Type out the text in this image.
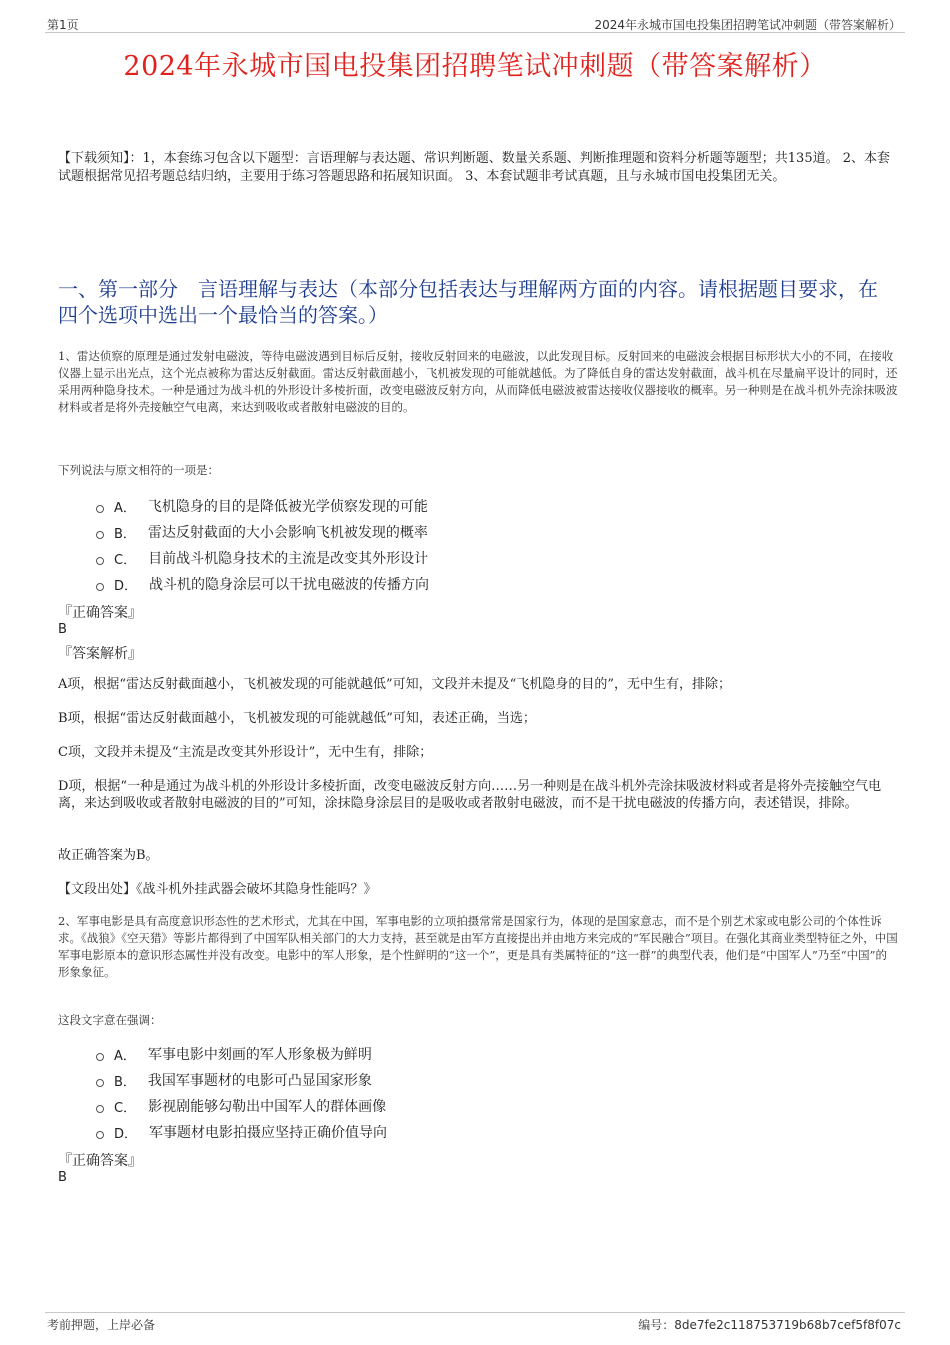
第1页	2024年永城市国电投集团招聘笔试冲刺题（带答案解析）
2024年永城市国电投集团招聘笔试冲刺题（带答案解析）
【下载须知】：1，本套练习包含以下题型：言语理解与表达题、常识判断题、数量关系题、判断推理题和资料分析题等题型；共135道。 2、本套试题根据常见招考题总结归纳，主要用于练习答题思路和拓展知识面。 3、本套试题非考试真题，且与永城市国电投集团无关。
一、第一部分　言语理解与表达（本部分包括表达与理解两方面的内容。请根据题目要求，在四个选项中选出一个最恰当的答案。）
1、雷达侦察的原理是通过发射电磁波，等待电磁波遇到目标后反射，接收反射回来的电磁波，以此发现目标。反射回来的电磁波会根据目标形状大小的不同，在接收仪器上显示出光点，这个光点被称为雷达反射截面。雷达反射截面越小，飞机被发现的可能就越低。为了降低自身的雷达发射截面，战斗机在尽量扁平设计的同时，还采用两种隐身技术。一种是通过为战斗机的外形设计多棱折面，改变电磁波反射方向，从而降低电磁波被雷达接收仪器接收的概率。另一种则是在战斗机外壳涂抹吸波材料或者是将外壳接触空气电离，来达到吸收或者散射电磁波的目的。
下列说法与原文相符的一项是：
A． 飞机隐身的目的是降低被光学侦察发现的可能
B． 雷达反射截面的大小会影响飞机被发现的概率
C． 目前战斗机隐身技术的主流是改变其外形设计
D． 战斗机的隐身涂层可以干扰电磁波的传播方向
『正确答案』
B
『答案解析』
A项，根据“雷达反射截面越小，飞机被发现的可能就越低”可知，文段并未提及“飞机隐身的目的”，无中生有，排除；
B项，根据“雷达反射截面越小，飞机被发现的可能就越低”可知，表述正确，当选；
C项，文段并未提及“主流是改变其外形设计”，无中生有，排除；
D项，根据“一种是通过为战斗机的外形设计多棱折面，改变电磁波反射方向……另一种则是在战斗机外壳涂抹吸波材料或者是将外壳接触空气电离，来达到吸收或者散射电磁波的目的”可知，涂抹隐身涂层目的是吸收或者散射电磁波，而不是干扰电磁波的传播方向，表述错误，排除。
故正确答案为B。
【文段出处】《战斗机外挂武器会破坏其隐身性能吗？》
2、军事电影是具有高度意识形态性的艺术形式，尤其在中国，军事电影的立项拍摄常常是国家行为，体现的是国家意志，而不是个别艺术家或电影公司的个体性诉求。《战狼》《空天猎》等影片都得到了中国军队相关部门的大力支持，甚至就是由军方直接提出并由地方来完成的“军民融合”项目。在强化其商业类型特征之外，中国军事电影原本的意识形态属性并没有改变。电影中的军人形象，是个性鲜明的“这一个”，更是具有类属特征的“这一群”的典型代表，他们是“中国军人”乃至“中国”的形象象征。
这段文字意在强调：
A． 军事电影中刻画的军人形象极为鲜明
B． 我国军事题材的电影可凸显国家形象
C． 影视剧能够勾勒出中国军人的群体画像
D． 军事题材电影拍摄应坚持正确价值导向
『正确答案』
B
考前押题，上岸必备	编号：8de7fe2c118753719b68b7cef5f8f07c
